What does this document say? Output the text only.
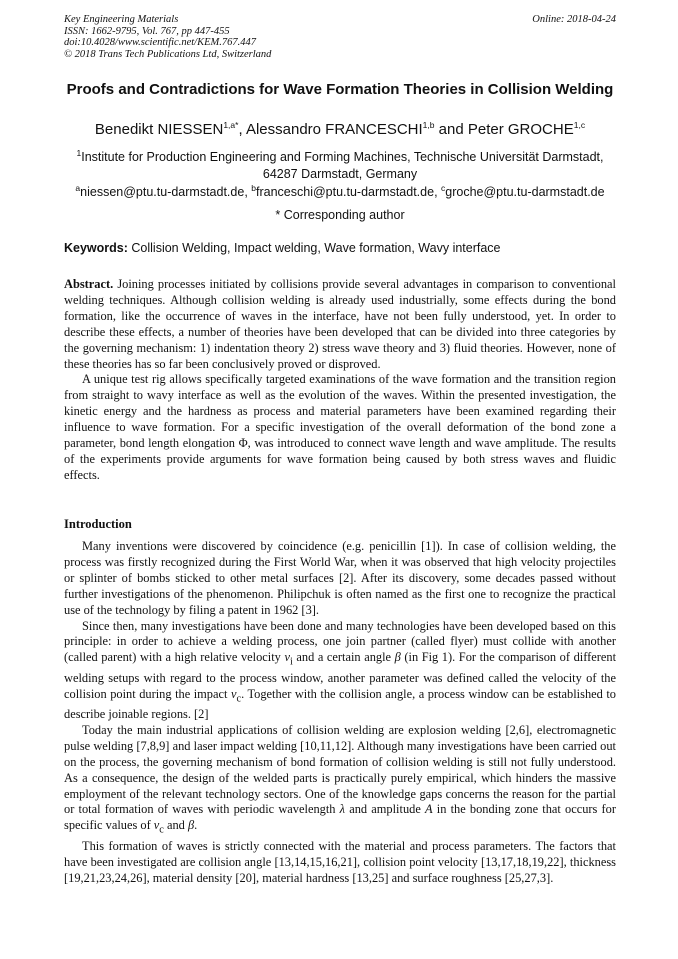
Key Engineering Materials
ISSN: 1662-9795, Vol. 767, pp 447-455
doi:10.4028/www.scientific.net/KEM.767.447
© 2018 Trans Tech Publications Ltd, Switzerland
Online: 2018-04-24
Proofs and Contradictions for Wave Formation Theories in Collision Welding
Benedikt $NIESSEN^{1,a*}$, Alessandro FRANCESCHI$^{1,b}$ and Peter GROCHE$^{1,c}$
$^1$Institute for Production Engineering and Forming Machines, Technische Universität Darmstadt, 64287 Darmstadt, Germany
$^a$niessen@ptu.tu-darmstadt.de, $^b$franceschi@ptu.tu-darmstadt.de, $^c$groche@ptu.tu-darmstadt.de
* Corresponding author
Keywords: Collision Welding, Impact welding, Wave formation, Wavy interface

Abstract. Joining processes initiated by collisions provide several advantages in comparison to conventional welding techniques. Although collision welding is already used industrially, some effects during the bond formation, like the occurrence of waves in the interface, have not been fully understood, yet. In order to describe these effects, a number of theories have been developed that can be divided into three categories by the governing mechanism: 1) indentation theory 2) stress wave theory and 3) fluid theories. However, none of these theories has so far been conclusively proved or disproved.

A unique test rig allows specifically targeted examinations of the wave formation and the transition region from straight to wavy interface as well as the evolution of the waves. Within the presented investigation, the kinetic energy and the hardness as process and material parameters have been examined regarding their influence to wave formation. For a specific investigation of the overall deformation of the bond zone a parameter, bond length elongation Φ, was introduced to connect wave length and wave amplitude. The results of the experiments provide arguments for wave formation being caused by both stress waves and fluidic effects.

Introduction

Many inventions were discovered by coincidence (e.g. penicillin [1]). In case of collision welding, the process was firstly recognized during the First World War, when it was observed that high velocity projectiles or splinter of bombs sticked to other metal surfaces [2]. After its discovery, some decades passed without further investigations of the phenomenon. Philipchuk is often named as the first one to recognize the practical use of the technology by filing a patent in 1962 [3].

Since then, many investigations have been done and many technologies have been developed based on this principle: in order to achieve a welding process, one join partner (called flyer) must collide with another (called parent) with a high relative velocity $v_i$ and a certain angle β (in Fig 1). For the comparison of different welding setups with regard to the process window, another parameter was defined called the velocity of the collision point during the impact $v_c$. Together with the collision angle, a process window can be established to describe joinable regions. [2]

Today the main industrial applications of collision welding are explosion welding [2,6], electromagnetic pulse welding [7,8,9] and laser impact welding [10,11,12]. Although many investigations have been carried out on the process, the governing mechanism of bond formation of collision welding is still not fully understood. As a consequence, the design of the welded parts is practically purely empirical, which hinders the massive employment of the relevant technology sectors. One of the knowledge gaps concerns the reason for the partial or total formation of waves with periodic wavelength λ and amplitude A in the bonding zone that occurs for specific values of $v_c$ and β.

This formation of waves is strictly connected with the material and process parameters. The factors that have been investigated are collision angle [13,14,15,16,21], collision point velocity [13,17,18,19,22], thickness [19,21,23,24,26], material density [20], material hardness [13,25] and surface roughness [25,27,3].
